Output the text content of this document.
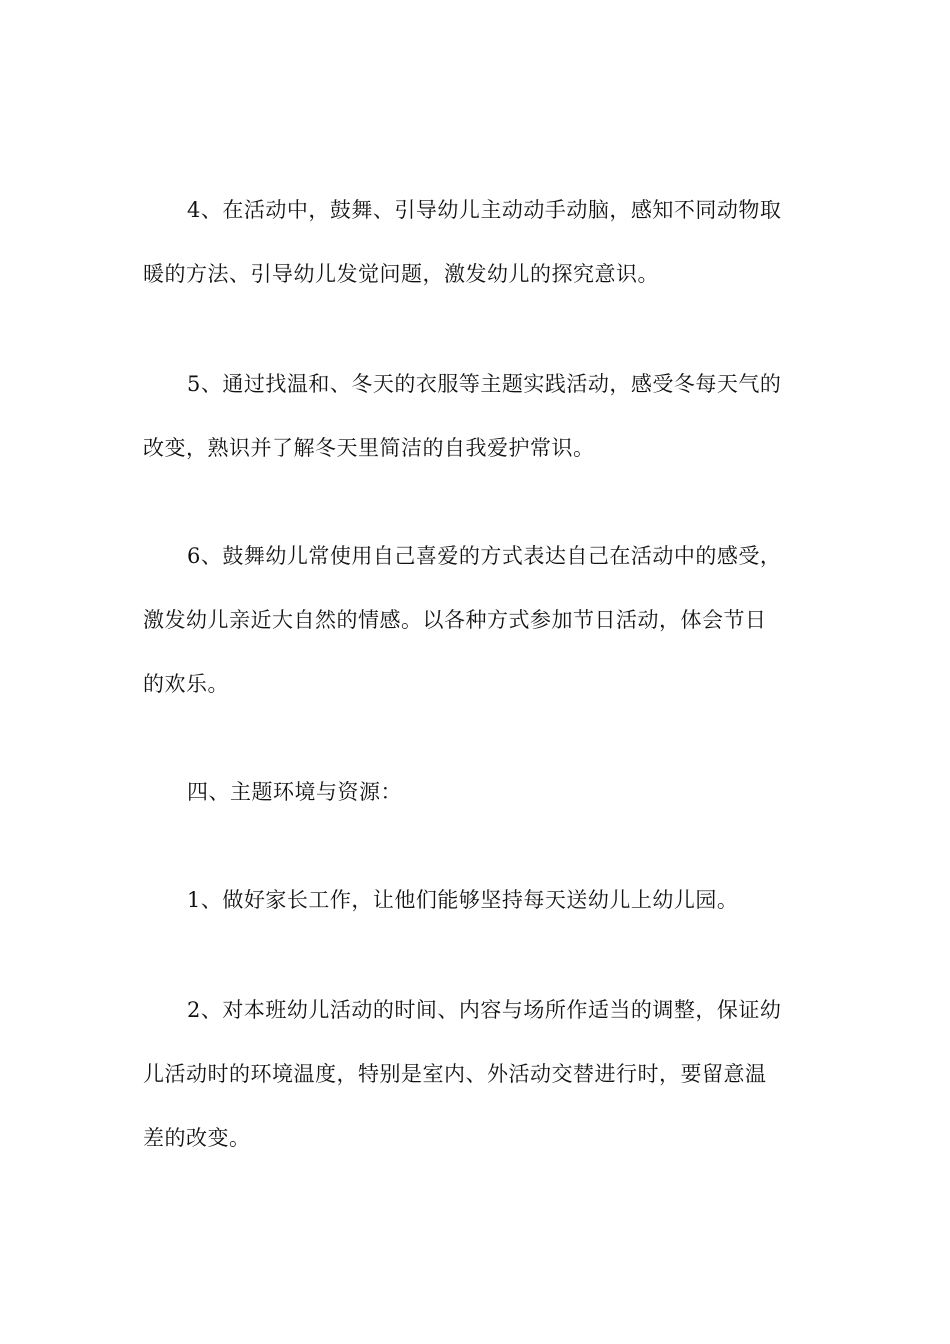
4、在活动中，鼓舞、引导幼儿主动动手动脑，感知不同动物取
暖的方法、引导幼儿发觉问题，激发幼儿的探究意识。

5、通过找温和、冬天的衣服等主题实践活动，感受冬每天气的
改变，熟识并了解冬天里简洁的自我爱护常识。

6、鼓舞幼儿常使用自己喜爱的方式表达自己在活动中的感受，
激发幼儿亲近大自然的情感。以各种方式参加节日活动，体会节日
的欢乐。

四、主题环境与资源：

1、做好家长工作，让他们能够坚持每天送幼儿上幼儿园。

2、对本班幼儿活动的时间、内容与场所作适当的调整，保证幼
儿活动时的环境温度，特别是室内、外活动交替进行时，要留意温
差的改变。
